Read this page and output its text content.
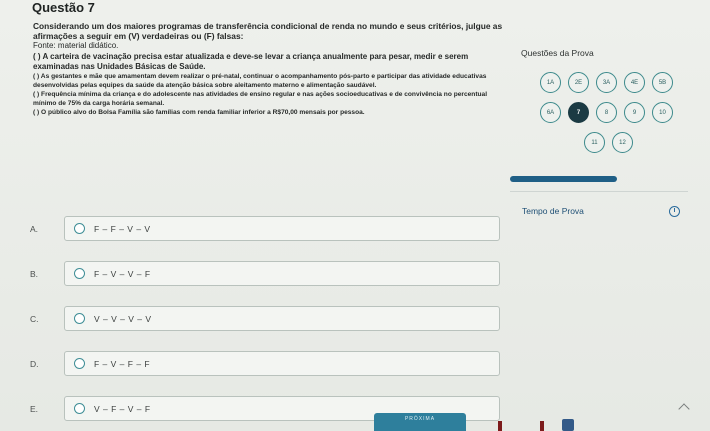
Questão 7

Considerando um dos maiores programas de transferência condicional de renda no mundo e seus critérios, julgue as afirmações a seguir em (V) verdadeiras ou (F) falsas:

Fonte: material didático.

( ) A carteira de vacinação precisa estar atualizada e deve-se levar a criança anualmente para pesar, medir e serem examinadas nas Unidades Básicas de Saúde.

( ) As gestantes e mãe que amamentam devem realizar o pré-natal, continuar o acompanhamento pós-parto e participar das atividade educativas desenvolvidas pelas equipes da saúde da atenção básica sobre aleitamento materno e alimentação saudável.

( ) Frequência mínima da criança e do adolescente nas atividades de ensino regular e nas ações socioeducativas e de convivência no percentual mínimo de 75% da carga horária semanal.

( ) O público alvo do Bolsa Família são famílias com renda familiar inferior a R$70,00 mensais por pessoa.

A.	F – F – V – V
B.	F – V – V – F
C.	V – V – V – V
D.	F – V – F – F
E.	V – F – V – F
Questões da Prova
1A	2E	3A	4E	5B
6A	7	8	9	10
11	12
Tempo de Prova
PRÓXIMA
